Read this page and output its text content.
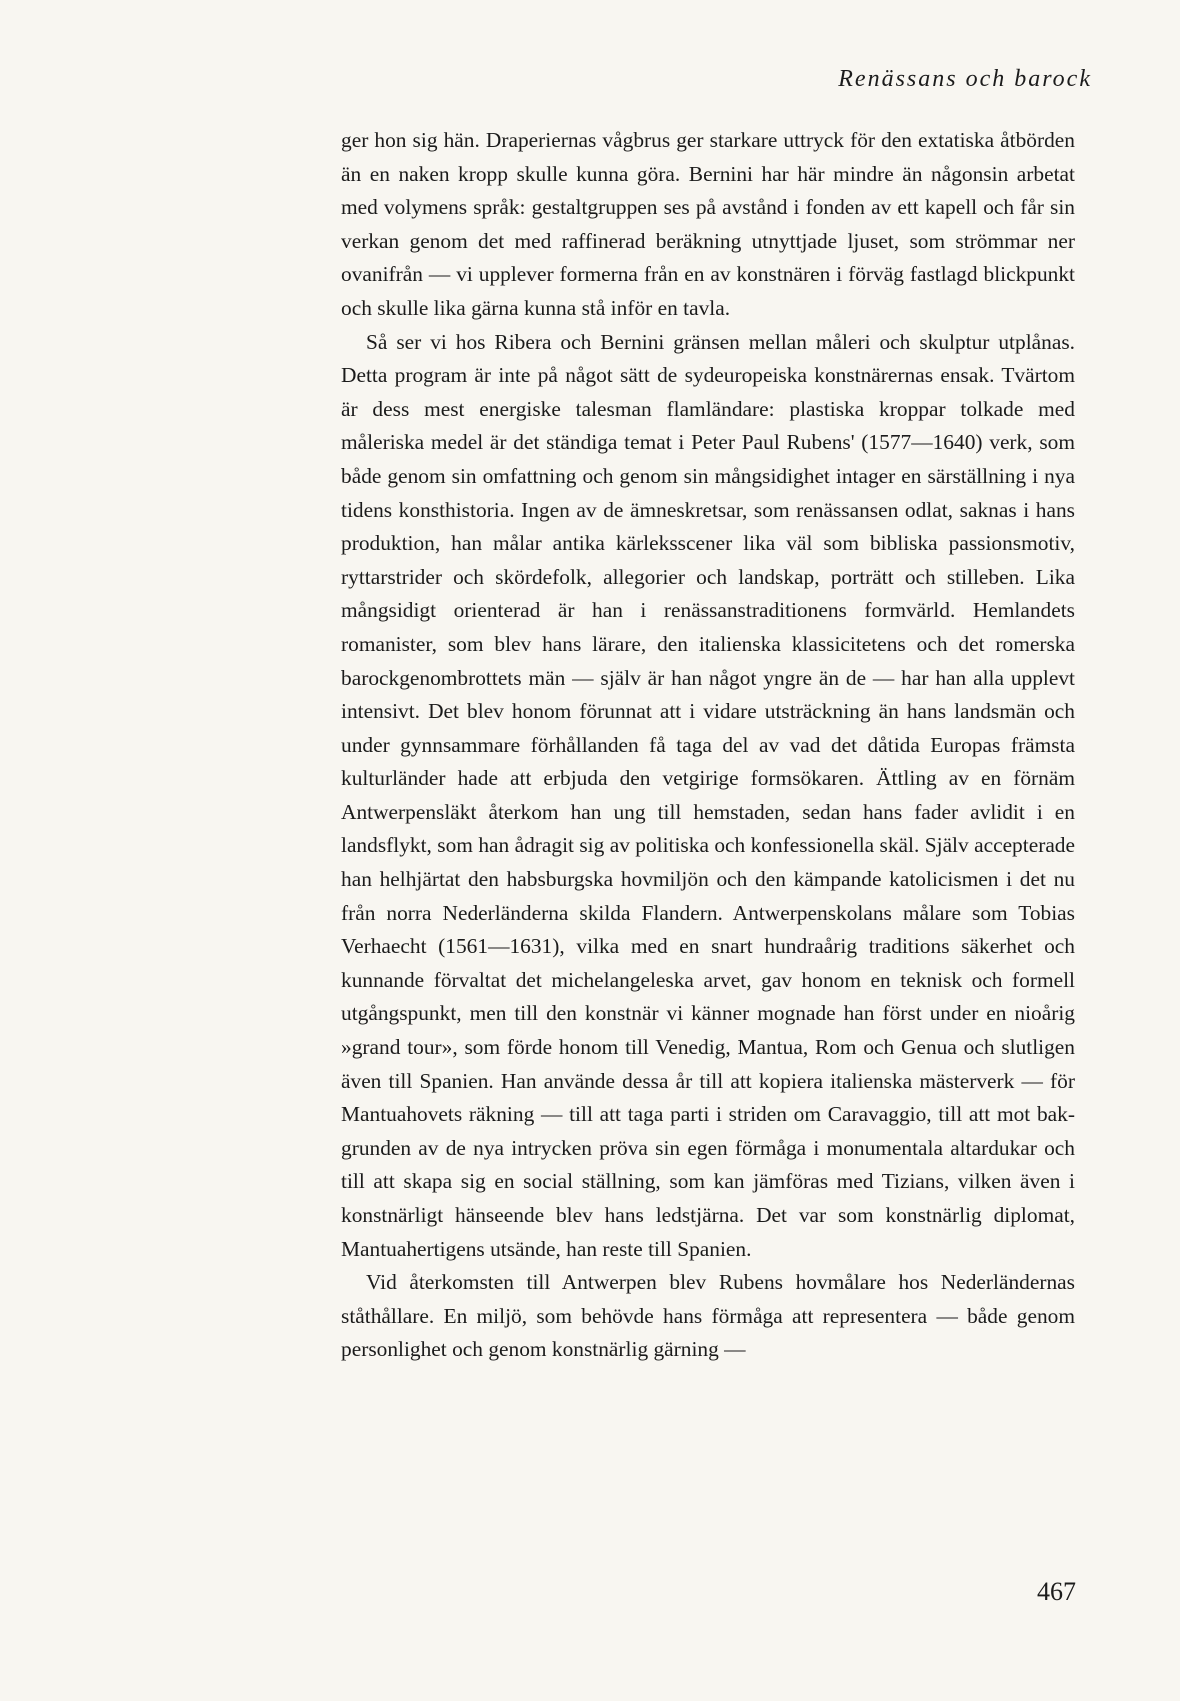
Renässans och barock

ger hon sig hän. Draperiernas vågbrus ger starkare uttryck för den extatiska åtbörden än en naken kropp skulle kunna göra. Bernini har här mindre än någonsin arbetat med volymens språk: gestaltgruppen ses på avstånd i fonden av ett kapell och får sin verkan genom det med raffinerad beräkning utnyttjade ljuset, som strömmar ner ovanifrån — vi upplever formerna från en av konstnären i förväg fastlagd blickpunkt och skulle lika gärna kunna stå inför en tavla.

Så ser vi hos Ribera och Bernini gränsen mellan måleri och skulptur utplånas. Detta program är inte på något sätt de sydeuropeiska konstnärernas ensak. Tvärtom är dess mest energiske talesman flamländare: plastiska kroppar tolkade med måleriska medel är det ständiga temat i Peter Paul Rubens' (1577—1640) verk, som både genom sin omfattning och genom sin mångsidighet intager en särställning i nya tidens konsthistoria. Ingen av de ämneskretsar, som renässansen odlat, saknas i hans produktion, han målar antika kärleksscener lika väl som bibliska passionsmotiv, ryttarstrider och skördefolk, allegorier och landskap, porträtt och stilleben. Lika mångsidigt orienterad är han i renässanstraditionens formvärld. Hemlandets romanister, som blev hans lärare, den italienska klassicitetens och det romerska barockgenombrottets män — själv är han något yngre än de — har han alla upplevt intensivt. Det blev honom förunnat att i vidare utsträckning än hans landsmän och under gynnsammare förhållanden få taga del av vad det dåtida Europas främsta kulturländer hade att erbjuda den vetgirige formsökaren. Ättling av en förnäm Antwerpensläkt återkom han ung till hemstaden, sedan hans fader avlidit i en landsflykt, som han ådragit sig av politiska och konfessionella skäl. Själv accepterade han helhjärtat den habsburgska hovmiljön och den kämpande katolicismen i det nu från norra Nederländerna skilda Flandern. Antwerpenskolans målare som Tobias Verhaecht (1561—1631), vilka med en snart hundraårig traditions säkerhet och kunnande förvaltat det michelangeleska arvet, gav honom en teknisk och formell utgångspunkt, men till den konstnär vi känner mognade han först under en nioårig »grand tour», som förde honom till Venedig, Mantua, Rom och Genua och slutligen även till Spanien. Han använde dessa år till att kopiera italienska mästerverk — för Mantuahovets räkning — till att taga parti i striden om Caravaggio, till att mot bakgrunden av de nya intrycken pröva sin egen förmåga i monumentala altardukar och till att skapa sig en social ställning, som kan jämföras med Tizians, vilken även i konstnärligt hänseende blev hans ledstjärna. Det var som konstnärlig diplomat, Mantuahertigens utsände, han reste till Spanien.

Vid återkomsten till Antwerpen blev Rubens hovmålare hos Nederländernas ståthållare. En miljö, som behövde hans förmåga att representera — både genom personlighet och genom konstnärlig gärning —

467
